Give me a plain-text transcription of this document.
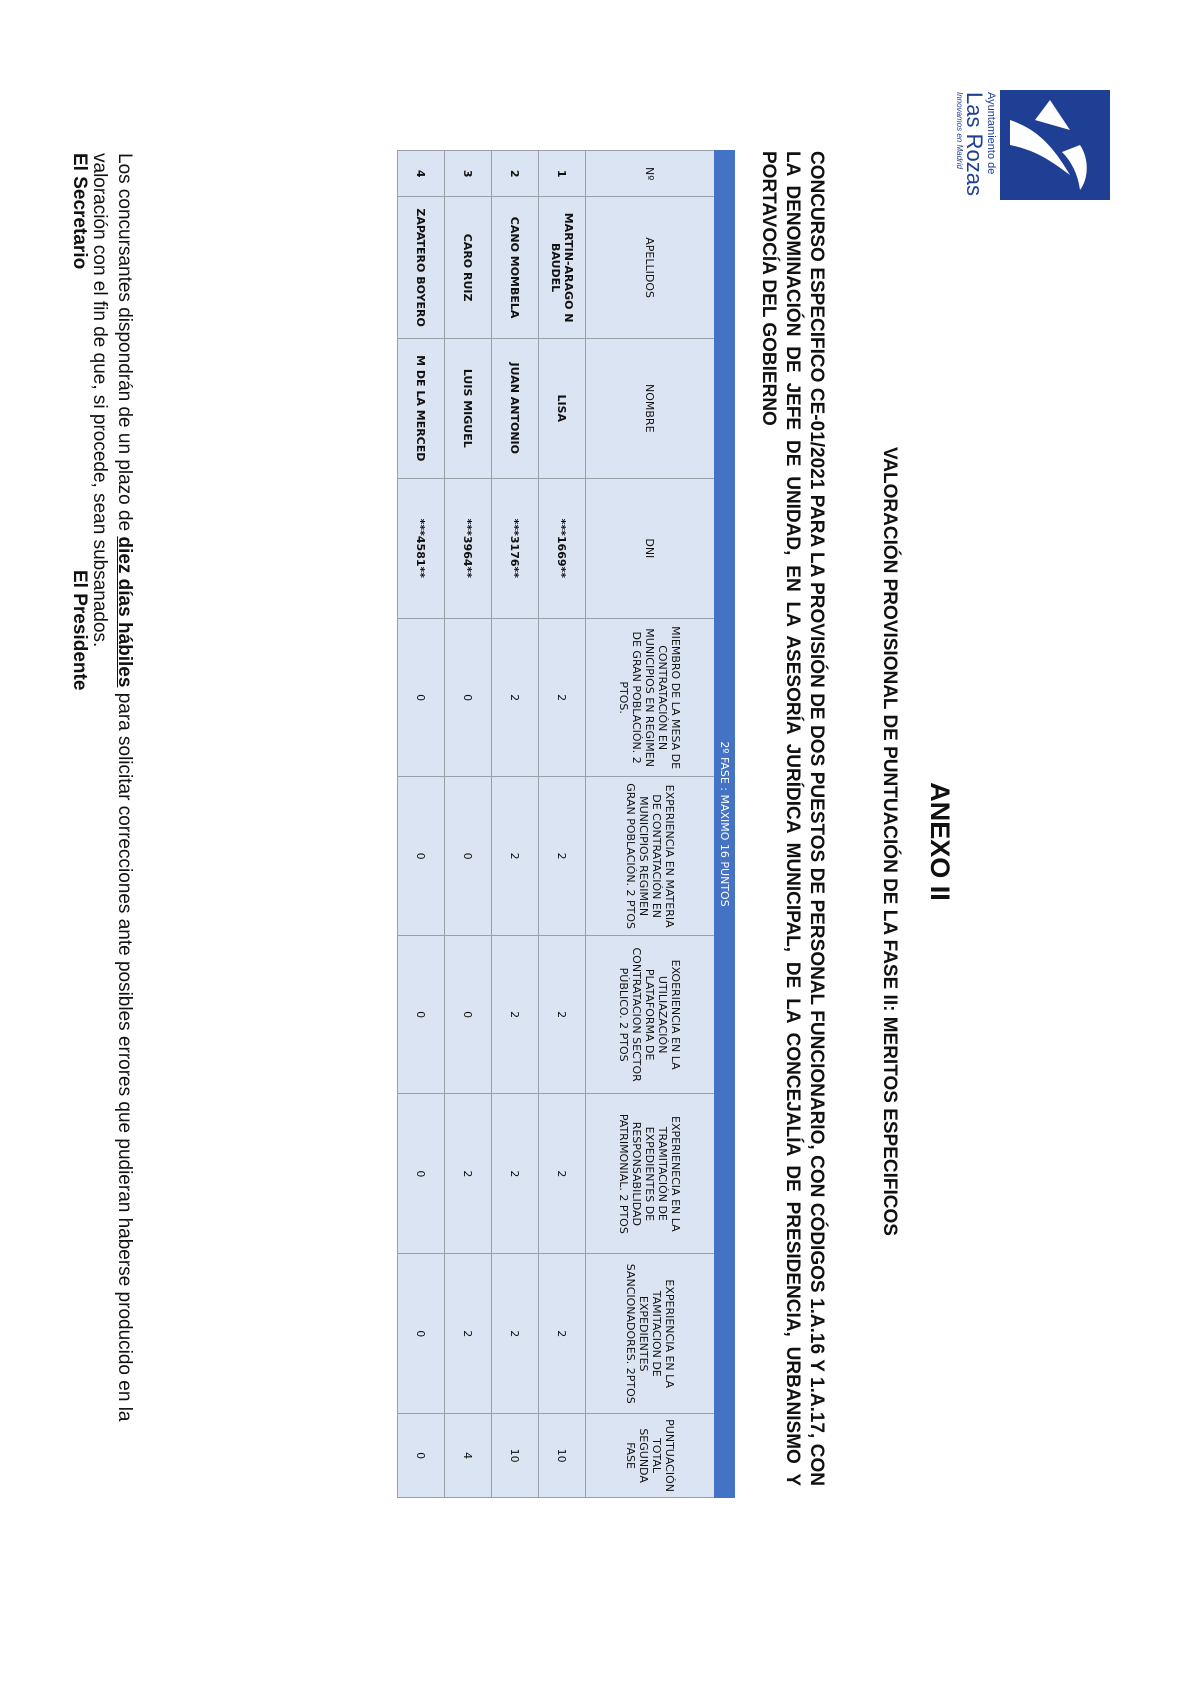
Ayuntamiento de
Las Rozas
Innovamos en Madrid
ANEXO II
VALORACIÓN PROVISIONAL DE PUNTUACIÓN DE LA FASE II: MERITOS ESPECIFICOS
CONCURSO ESPECIFICO CE-01/2021 PARA LA PROVISIÓN DE DOS PUESTOS DE PERSONAL FUNCIONARIO, CON CÓDIGOS 1.A.16 Y 1.A.17, CON LA DENOMINACIÓN DE JEFE DE UNIDAD, EN LA ASESORÍA JURÍDICA MUNICIPAL, DE LA CONCEJALÍA DE PRESIDENCIA, URBANISMO Y PORTAVOCÍA DEL GOBIERNO
2º FASE : MAXIMO 16 PUNTOS									
Nº	APELLIDOS	NOMBRE	DNI	MIEMBRO DE LA MESA DE CONTRATACIÓN EN MUNICIPIOS EN REGIMEN DE GRAN POBLACIÓN. 2 PTOS.	EXPERIENCIA EN MATERIA DE CONTRATACIÓN EN MUNICIPIOS REGIMEN GRAN POBLACIÓN. 2 PTOS	EXOERIENCIA EN LA UTILIAZACIÓN PLATAFORMA DE CONTRATACION SECTOR PÚBLICO. 2 PTOS	EXPERIENECIA EN LA TRAMITACIÓN DE EXPEDIENTES DE RESPONSABILIDAD PATRIMONIAL. 2 PTOS	EXPERIENCIA EN LA TAMITACION DE EXPEDIENTES SANCIONADORES. 2PTOS	PUNTUACIÓN TOTAL SEGUNDA FASE
1	MARTIN-ARAGO N BAUDEL	LISA	***1669**	2	2	2	2	2	10
2	CANO MOMBELA	JUAN ANTONIO	***3176**	2	2	2	2	2	10
3	CARO RUIZ	LUIS MIGUEL	***3964**	0	0	0	2	2	4
4	ZAPATERO BOYERO	M DE LA MERCED	***4581**	0	0	0	0	0	0
Los concursantes dispondrán de un plazo de diez días hábiles para solicitar correcciones ante posibles errores que pudieran haberse producido en la valoración con el fin de que, si procede, sean subsanados.
El Secretario
El Presidente
